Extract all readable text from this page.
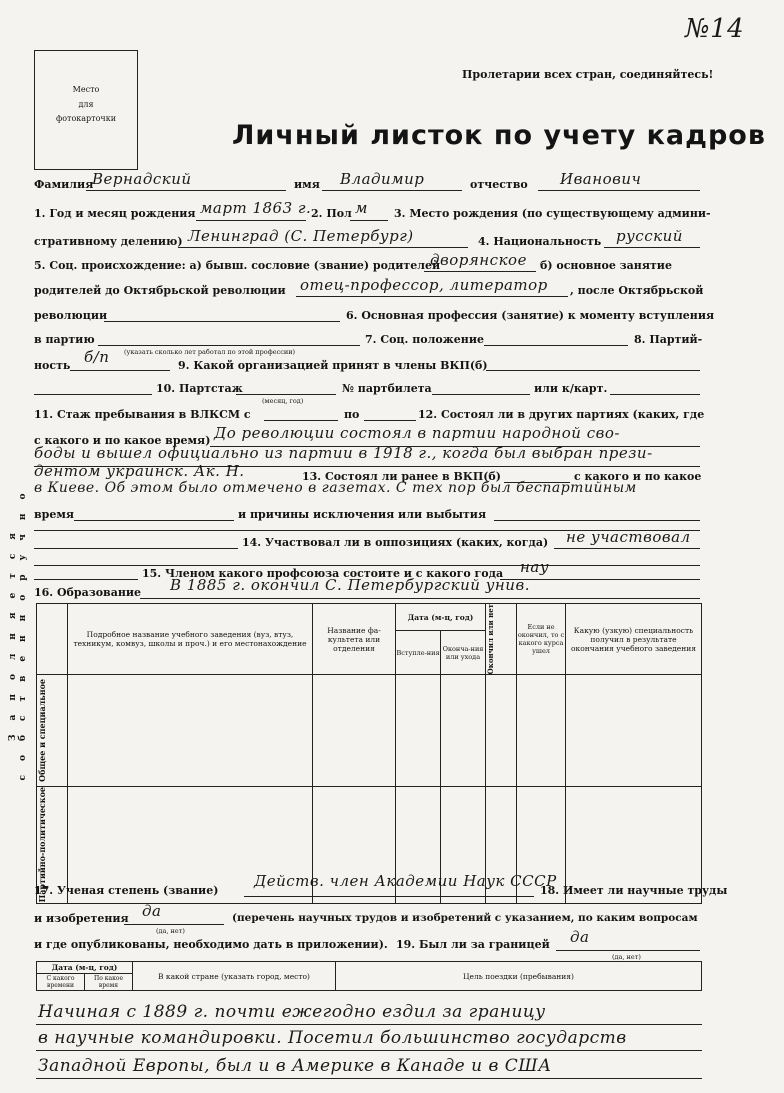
№14
Место
для
фотокарточки
Пролетарии всех стран, соединяйтесь!
Личный листок по учету кадров
Заполняется собственноручно
Фамилия
Вернадский	имя Владимир	отчество Иванович
1. Год и месяц рождения март 1863 г. 2. Пол м 3. Место рождения (по существующему админи-
стративному делению) Ленинград (С. Петербург)	4. Национальность русский
5. Соц. происхождение: а) бывш. сословие (звание) родителей
дворянское б) основное занятие
родителей до Октябрьской революции отец-профессор, литератор , после Октябрьской
революции	6. Основная профессия (занятие) к моменту вступления
в партию
(указать сколько лет работал по этой профессии)
7. Соц. положение	8. Партий-
ность б/п	9. Какой организацией принят в члены ВКП(б)
10. Партстаж
(месяц, год)
№ партбилета	или к/карт.
11. Стаж пребывания в ВЛКСМ с	по	12. Состоял ли в других партиях (каких, где
с какого и по какое время) До революции состоял в партии народной сво-
боды и вышел официально из партии в 1918 г., когда был выбран прези-
дентом украинск. Ак. Н.	13. Состоял ли ранее в ВКП(б)	с какого и по какое
в Киеве. Об этом было отмечено в газетах. С тех пор был беспартийным
время	и причины исключения или выбытия
14. Участвовал ли в оппозициях (каких, когда) не участвовал
15. Членом какого профсоюза состоите и с какого года нау
16. Образование В 1885 г. окончил С. Петербургский унив.
	Подробное название учебного заведения (вуз, втуз, техникум, комвуз, школы и проч.) и его местонахождение	Название фа-культета или отделения	Дата (м-ц, год)		Окончил или нет	Если не окончил, то с какого курса ушел	Какую (узкую) специальность получил в результате окончания учебного заведения
			Вступле-ния	Оконча-ния или ухода			

Общее и специальное							

Партийно-политическое							

17. Ученая степень (звание)
Действ. член Академии Наук СССР
18. Имеет ли научные труды
и изобретения да
(да, нет)
(перечень научных трудов и изобретений с указанием, по каким вопросам
и где опубликованы, необходимо дать в приложении). 19. Был ли за границей да
(да, нет)
Дата (м-ц, год)		В какой стране (указать город, место)	Цель поездки (пребывания)
С какого времени	По какое время		
Начиная с 1889 г. почти ежегодно ездил за границу
в научные командировки. Посетил большинство государств
Западной Европы, был и в Америке в Канаде и в США
